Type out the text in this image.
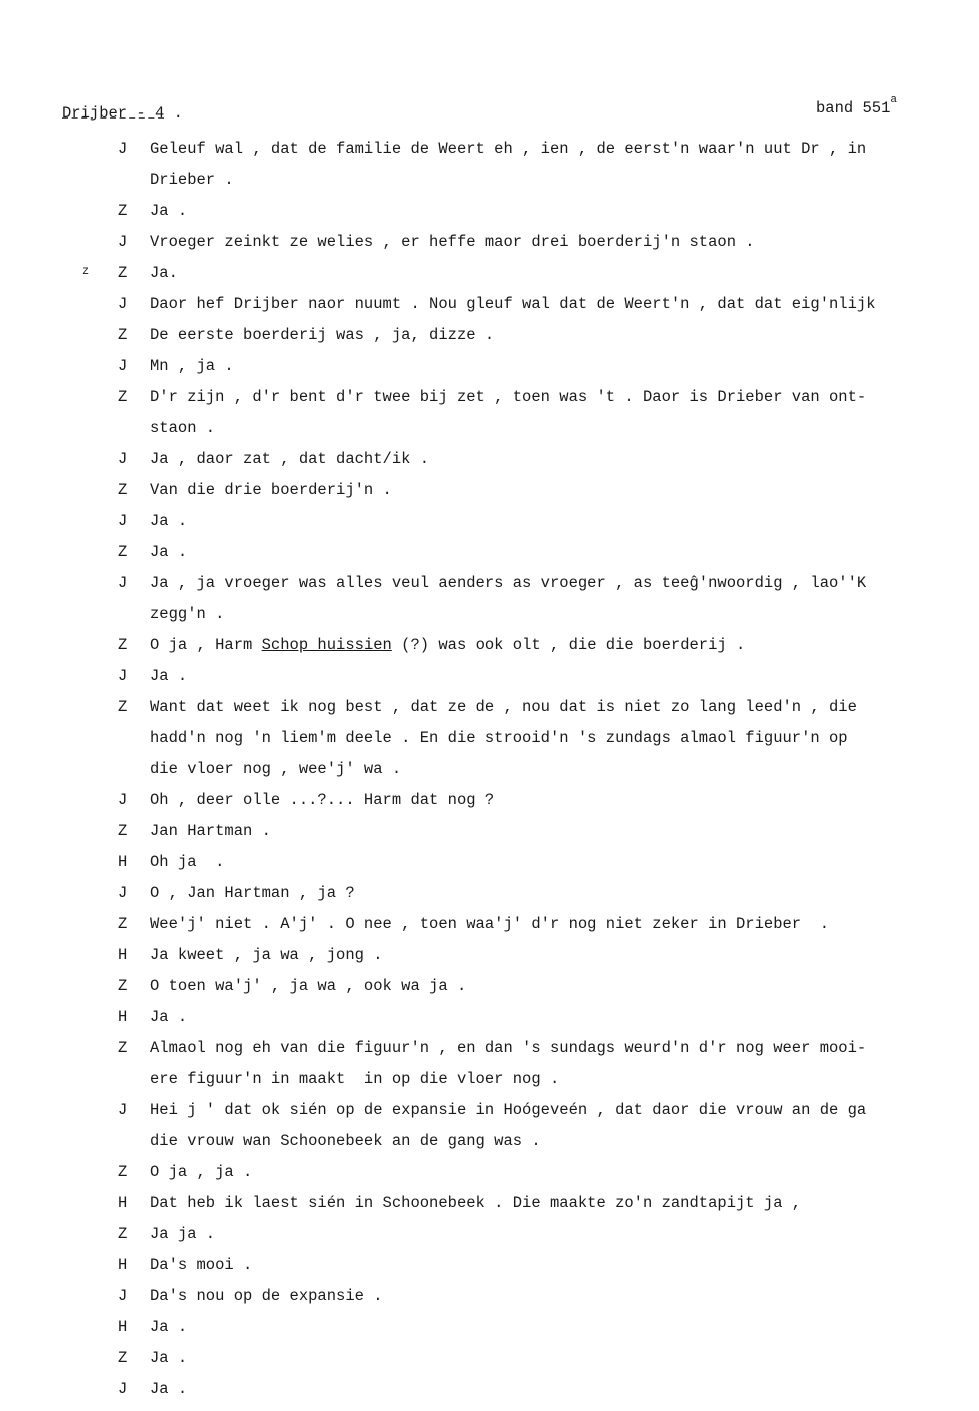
Drijber - 4 .	band 551$^a$
J Geleuf wal , dat de familie de Weert eh , ien , de eerst'n waar'n uut Dr , in
Drieber .
Z Ja .
J Vroeger zeinkt ze welies , er heffe maor drei boerderij'n staon .
z Z Ja.
J Daor hef Drijber naor nuumt . Nou gleuf wal dat de Weert'n , dat dat eig'nlijk
Z De eerste boerderij was , ja, dizze .
J Mn , ja .
Z D'r zijn , d'r bent d'r twee bij zet , toen was 't . Daor is Drieber van ont-
staon .
J Ja , daor zat , dat dacht/ik .
Z Van die drie boerderij'n .
J Ja .
Z Ja .
J Ja , ja vroeger was alles veul aenders as vroeger , as teeĝ'nwoordig , lao''K
zegg'n .
Z O ja , Harm Schop huissien (?) was ook olt , die die boerderij .
J Ja .
Z Want dat weet ik nog best , dat ze de , nou dat is niet zo lang leed'n , die
hadd'n nog 'n liem'm deele . En die strooid'n 's zundags almaol figuur'n op
die vloer nog , wee'j' wa .
J Oh , deer olle ...?... Harm dat nog ?
Z Jan Hartman .
H Oh ja  .
J O , Jan Hartman , ja ?
Z Wee'j' niet . A'j' . O nee , toen waa'j' d'r nog niet zeker in Drieber  .
H Ja kweet , ja wa , jong .
Z O toen wa'j' , ja wa , ook wa ja .
H Ja .
Z Almaol nog eh van die figuur'n , en dan 's sundags weurd'n d'r nog weer mooi-
ere figuur'n in maakt  in op die vloer nog .
J Hei j ' dat ok sién op de expansie in Hoógeveén , dat daor die vrouw an de ga
die vrouw wan Schoonebeek an de gang was .
Z O ja , ja .
H Dat heb ik laest sién in Schoonebeek . Die maakte zo'n zandtapijt ja ,
Z Ja ja .
H Da's mooi .
J Da's nou op de expansie .
H Ja .
Z Ja .
J Ja .
